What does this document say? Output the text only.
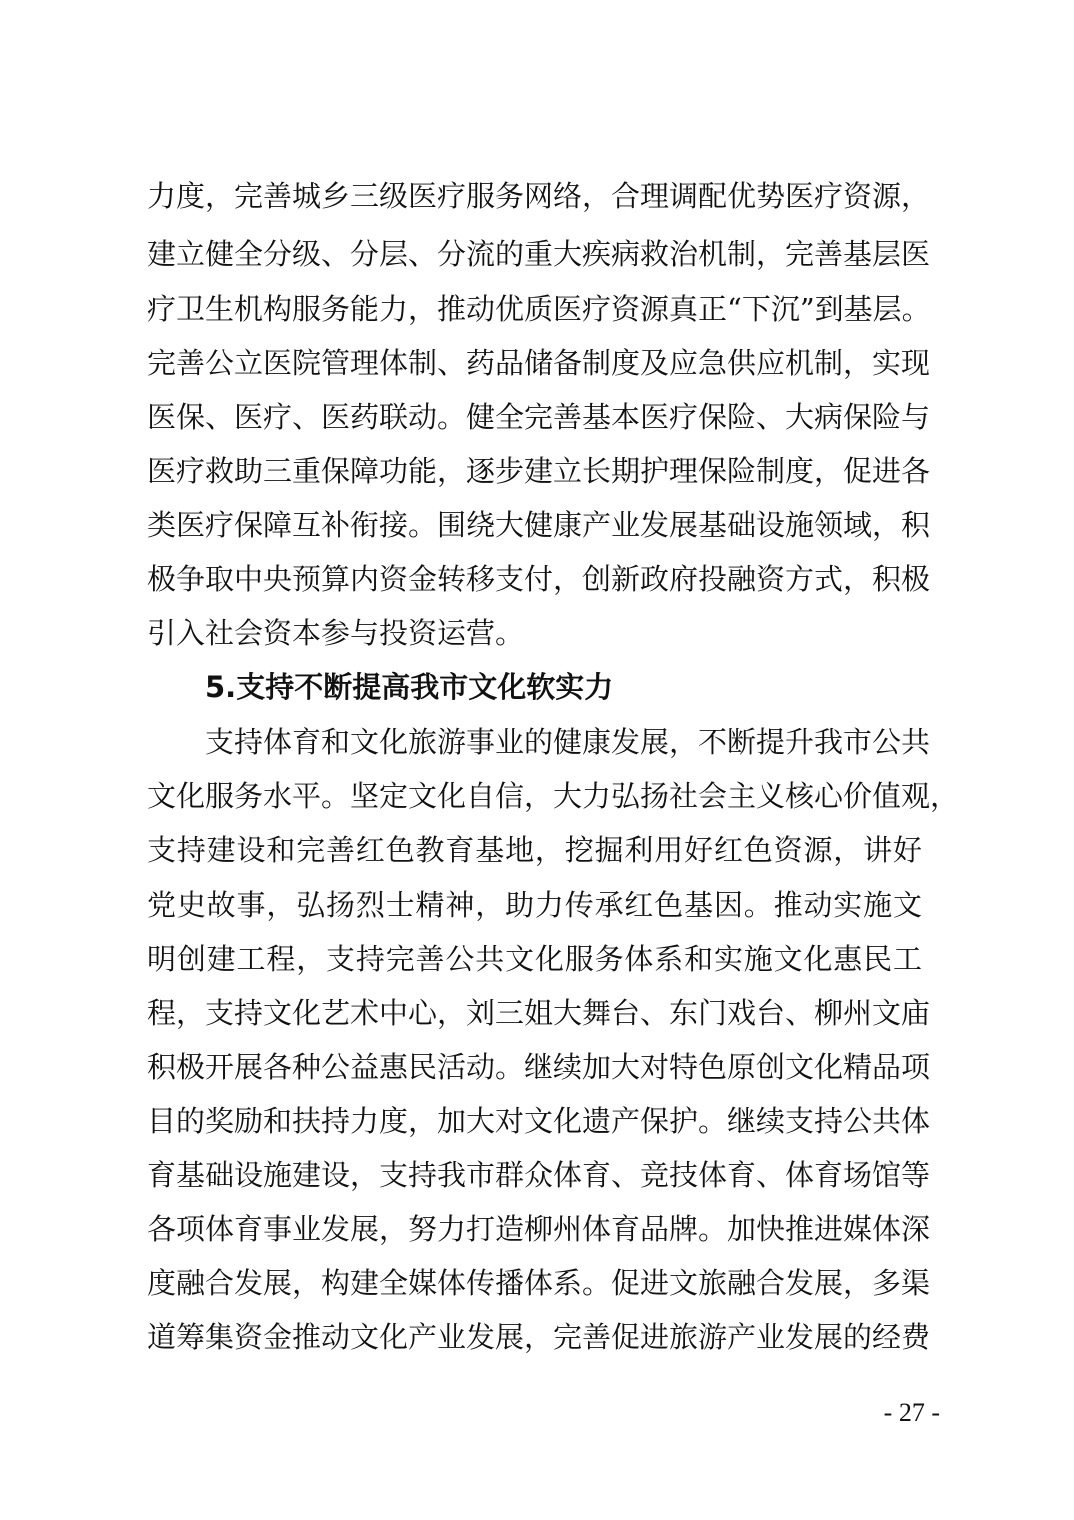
力度，完善城乡三级医疗服务网络，合理调配优势医疗资源，
建立健全分级、分层、分流的重大疾病救治机制，完善基层医
疗卫生机构服务能力，推动优质医疗资源真正“下沉”到基层。
完善公立医院管理体制、药品储备制度及应急供应机制，实现
医保、医疗、医药联动。健全完善基本医疗保险、大病保险与
医疗救助三重保障功能，逐步建立长期护理保险制度，促进各
类医疗保障互补衔接。围绕大健康产业发展基础设施领域，积
极争取中央预算内资金转移支付，创新政府投融资方式，积极
引入社会资本参与投资运营。
5.支持不断提高我市文化软实力
支持体育和文化旅游事业的健康发展，不断提升我市公共
文化服务水平。坚定文化自信，大力弘扬社会主义核心价值观，
支持建设和完善红色教育基地，挖掘利用好红色资源，讲好
党史故事，弘扬烈士精神，助力传承红色基因。推动实施文
明创建工程，支持完善公共文化服务体系和实施文化惠民工
程，支持文化艺术中心，刘三姐大舞台、东门戏台、柳州文庙
积极开展各种公益惠民活动。继续加大对特色原创文化精品项
目的奖励和扶持力度，加大对文化遗产保护。继续支持公共体
育基础设施建设，支持我市群众体育、竞技体育、体育场馆等
各项体育事业发展，努力打造柳州体育品牌。加快推进媒体深
度融合发展，构建全媒体传播体系。促进文旅融合发展，多渠
道筹集资金推动文化产业发展，完善促进旅游产业发展的经费
- 27 -
